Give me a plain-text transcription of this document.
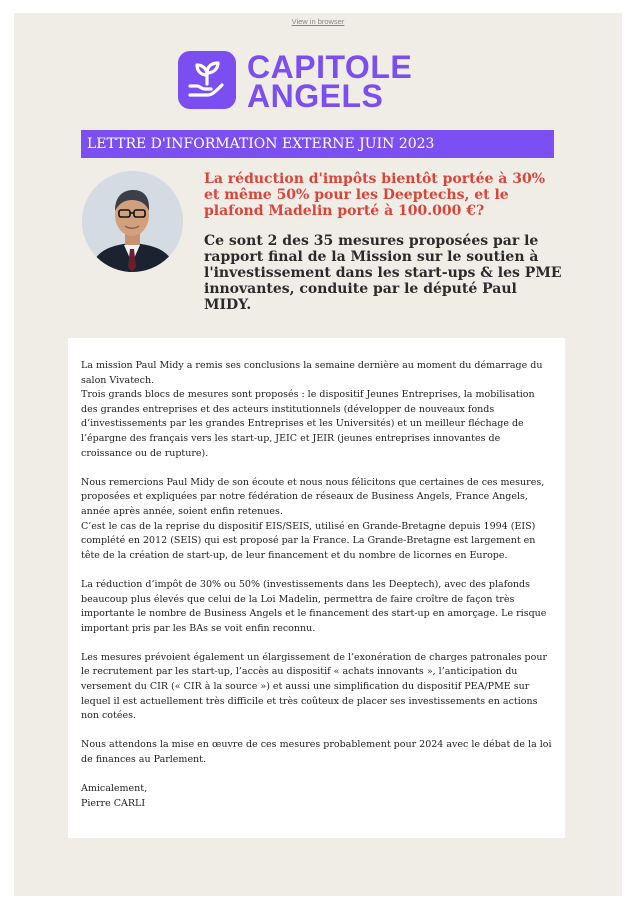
View in browser
CAPITOLE
ANGELS
LETTRE D'INFORMATION EXTERNE JUIN 2023
La réduction d'impôts bientôt portée à 30% et même 50% pour les Deeptechs, et le plafond Madelin porté à 100.000 €?
Ce sont 2 des 35 mesures proposées par le rapport final de la Mission sur le soutien à l'investissement dans les start-ups & les PME innovantes, conduite par le député Paul MIDY.

La mission Paul Midy a remis ses conclusions la semaine dernière au moment du démarrage du salon Vivatech.

Trois grands blocs de mesures sont proposés : le dispositif Jeunes Entreprises, la mobilisation des grandes entreprises et des acteurs institutionnels (développer de nouveaux fonds d’investissements par les grandes Entreprises et les Universités) et un meilleur fléchage de l’épargne des français vers les start-up, JEIC et JEIR (jeunes entreprises innovantes de croissance ou de rupture).

Nous remercions Paul Midy de son écoute et nous nous félicitons que certaines de ces mesures, proposées et expliquées par notre fédération de réseaux de Business Angels, France Angels, année après année, soient enfin retenues.

C’est le cas de la reprise du dispositif EIS/SEIS, utilisé en Grande-Bretagne depuis 1994 (EIS) complété en 2012 (SEIS) qui est proposé par la France. La Grande-Bretagne est largement en tête de la création de start-up, de leur financement et du nombre de licornes en Europe.

La réduction d’impôt de 30% ou 50% (investissements dans les Deeptech), avec des plafonds beaucoup plus élevés que celui de la Loi Madelin, permettra de faire croître de façon très importante le nombre de Business Angels et le financement des start-up en amorçage. Le risque important pris par les BAs se voit enfin reconnu.

Les mesures prévoient également un élargissement de l’exonération de charges patronales pour le recrutement par les start-up, l’accès au dispositif « achats innovants », l’anticipation du versement du CIR (« CIR à la source ») et aussi une simplification du dispositif PEA/PME sur lequel il est actuellement très difficile et très coûteux de placer ses investissements en actions non cotées.

Nous attendons la mise en œuvre de ces mesures probablement pour 2024 avec le débat de la loi de finances au Parlement.

Amicalement,

Pierre CARLI
